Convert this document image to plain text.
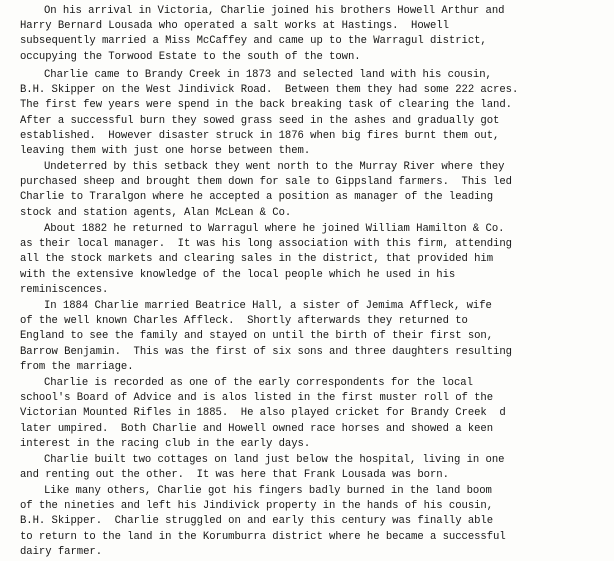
On his arrival in Victoria, Charlie joined his brothers Howell Arthur and
Harry Bernard Lousada who operated a salt works at Hastings.  Howell
subsequently married a Miss McCaffey and came up to the Warragul district,
occupying the Torwood Estate to the south of the town.
Charlie came to Brandy Creek in 1873 and selected land with his cousin,
B.H. Skipper on the West Jindivick Road.  Between them they had some 222 acres.
The first few years were spend in the back breaking task of clearing the land.
After a successful burn they sowed grass seed in the ashes and gradually got
established.  However disaster struck in 1876 when big fires burnt them out,
leaving them with just one horse between them.
Undeterred by this setback they went north to the Murray River where they
purchased sheep and brought them down for sale to Gippsland farmers.  This led
Charlie to Traralgon where he accepted a position as manager of the leading
stock and station agents, Alan McLean & Co.
About 1882 he returned to Warragul where he joined William Hamilton & Co.
as their local manager.  It was his long association with this firm, attending
all the stock markets and clearing sales in the district, that provided him
with the extensive knowledge of the local people which he used in his
reminiscences.
In 1884 Charlie married Beatrice Hall, a sister of Jemima Affleck, wife
of the well known Charles Affleck.  Shortly afterwards they returned to
England to see the family and stayed on until the birth of their first son,
Barrow Benjamin.  This was the first of six sons and three daughters resulting
from the marriage.
Charlie is recorded as one of the early correspondents for the local
school's Board of Advice and is alos listed in the first muster roll of the
Victorian Mounted Rifles in 1885.  He also played cricket for Brandy Creek  d
later umpired.  Both Charlie and Howell owned race horses and showed a keen
interest in the racing club in the early days.
Charlie built two cottages on land just below the hospital, living in one
and renting out the other.  It was here that Frank Lousada was born.
Like many others, Charlie got his fingers badly burned in the land boom
of the nineties and left his Jindivick property in the hands of his cousin,
B.H. Skipper.  Charlie struggled on and early this century was finally able
to return to the land in the Korumburra district where he became a successful
dairy farmer.
